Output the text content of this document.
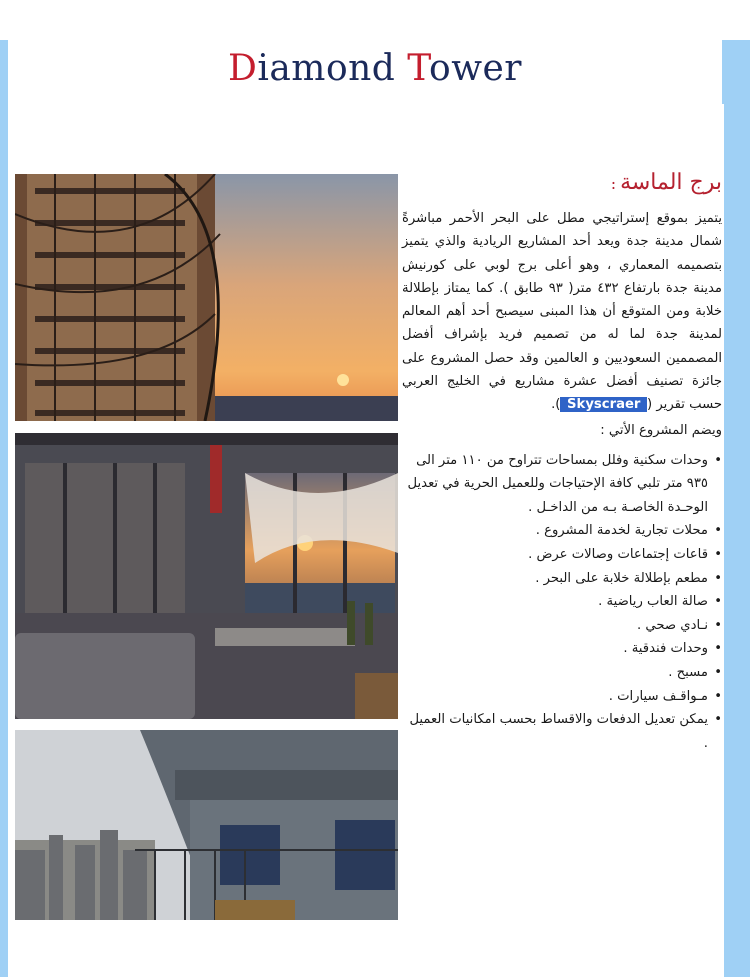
Diamond Tower
برج الماسة:

يتميز بموقع إستراتيجي مطل على البحر الأحمر مباشرةً شمال مدينة جدة ويعد أحد المشاريع الريادية والذي يتميز بتصميمه المعماري ، وهو أعلى برج لوبي على كورنيش مدينة جدة بارتفاع ٤٣٢ متر( ٩٣ طابق ). كما يمتاز بإطلالة خلابة ومن المتوقع أن هذا المبنى سيصبح أحد أهم المعالم لمدينة جدة لما له من تصميم فريد بإشراف أفضل المصممين السعوديين و العالمين وقد حصل المشروع على جائزة تصنيف أفضل عشرة مشاريع في الخليج العربي حسب تقرير ( Skyscraer ).

ويضم المشروع الأتي :

• وحدات سكنية وفلل بمساحات تتراوح من ١١٠ متر الى ٩٣٥ متر تلبي كافة الإحتياجات وللعميل الحرية في تعديل الوحـدة الخاصـة بـه من الداخـل .
• محلات تجارية لخدمة المشروع .
• قاعات إجتماعات وصالات عرض .
• مطعم بإطلالة خلابة على البحر .
• صالة العاب رياضية .
• نـادي صحي .
• وحدات فندقية .
• مسبح .
• مـواقـف سيارات .
• يمكن تعديل الدفعات والاقساط بحسب امكانيات العميل .
